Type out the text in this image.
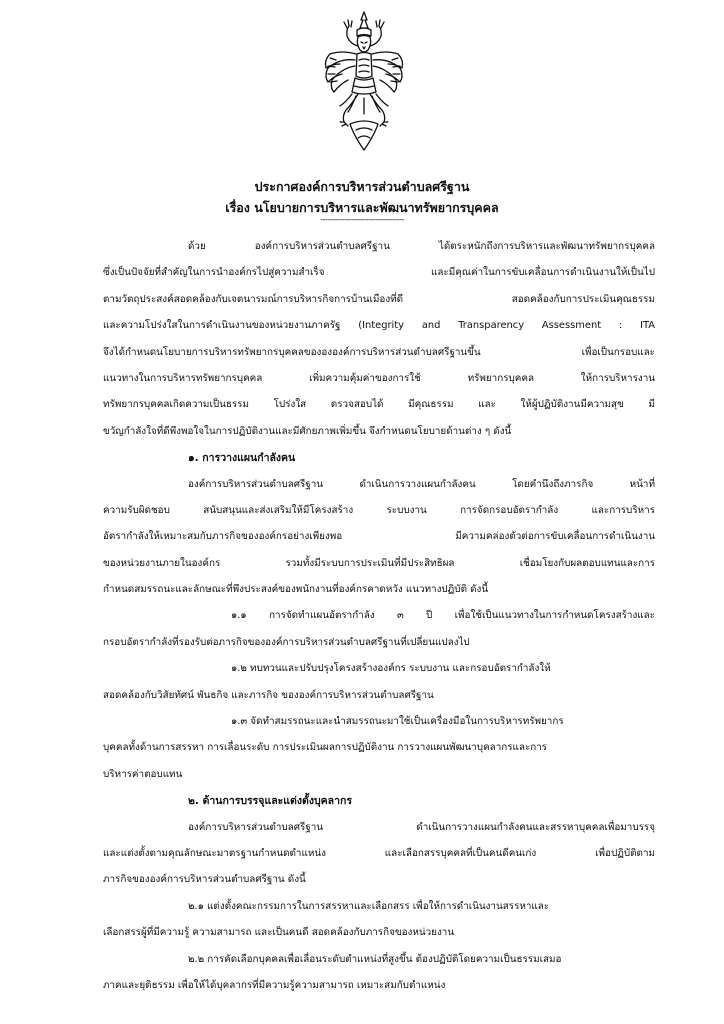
ประกาศองค์การบริหารส่วนตำบลศรีฐาน
เรื่อง นโยบายการบริหารและพัฒนาทรัพยากรบุคคล
-----------------------------------
ด้วย องค์การบริหารส่วนตำบลศรีฐาน ได้ตระหนักถึงการบริหารและพัฒนาทรัพยากรบุคคล
ซึ่งเป็นปัจจัยที่สำคัญในการนำองค์กรไปสู่ความสำเร็จ และมีคุณค่าในการขับเคลื่อนการดำเนินงานให้เป็นไป
ตามวัตถุประสงค์สอดคล้องกับเจตนารมณ์การบริหารกิจการบ้านเมืองที่ดี สอดคล้องกับการประเมินคุณธรรม
และความโปร่งใสในการดำเนินงานของหน่วยงานภาครัฐ (Integrity and Transparency Assessment : ITA
จึงได้กำหนดนโยบายการบริหารทรัพยากรบุคคลของององค์การบริหารส่วนตำบลศรีฐานขึ้น เพื่อเป็นกรอบและ
แนวทางในการบริหารทรัพยากรบุคคล เพิ่มความคุ้มค่าของการใช้ ทรัพยากรบุคคล ให้การบริหารงาน
ทรัพยากรบุคคลเกิดความเป็นธรรม โปร่งใส ตรวจสอบได้ มีคุณธรรม และ ให้ผู้ปฏิบัติงานมีความสุข มี
ขวัญกำลังใจที่ดีพึงพอใจในการปฏิบัติงานและมีศักยภาพเพิ่มขึ้น จึงกำหนดนโยบายด้านต่าง ๆ ดังนี้
๑. การวางแผนกำลังคน
องค์การบริหารส่วนตำบลศรีฐาน ดำเนินการวางแผนกำลังคน โดยคำนึงถึงภารกิจ หน้าที่
ความรับผิดชอบ สนับสนุนและส่งเสริมให้มีโครงสร้าง ระบบงาน การจัดกรอบอัตรากำลัง และการบริหาร
อัตรากำลังให้เหมาะสมกับภารกิจขององค์กรอย่างเพียงพอ มีความคล่องตัวต่อการขับเคลื่อนการดำเนินงาน
ของหน่วยงานภายในองค์กร รวมทั้งมีระบบการประเมินที่มีประสิทธิผล เชื่อมโยงกับผลตอบแทนและการ
กำหนดสมรรถนะและลักษณะที่พึงประสงค์ของพนักงานที่องค์กรคาดหวัง แนวทางปฏิบัติ ดังนี้
๑.๑ การจัดทำแผนอัตรากำลัง ๓ ปี เพื่อใช้เป็นแนวทางในการกำหนดโครงสร้างและ
กรอบอัตรากำลังที่รองรับต่อภารกิจขององค์การบริหารส่วนตำบลศรีฐานที่เปลี่ยนแปลงไป
๑.๒ ทบทวนและปรับปรุงโครงสร้างองค์กร ระบบงาน และกรอบอัตรากำลังให้
สอดคล้องกับวิสัยทัศน์ พันธกิจ และภารกิจ ขององค์การบริหารส่วนตำบลศรีฐาน
๑.๓ จัดทำสมรรถนะและนำสมรรถนะมาใช้เป็นเครื่องมือในการบริหารทรัพยากร
บุคคลทั้งด้านการสรรหา การเลื่อนระดับ การประเมินผลการปฏิบัติงาน การวางแผนพัฒนาบุคลากรและการ
บริหารค่าตอบแทน
๒. ด้านการบรรจุและแต่งตั้งบุคลากร
องค์การบริหารส่วนตำบลศรีฐาน ดำเนินการวางแผนกำลังคนและสรรหาบุคคลเพื่อมาบรรจุ
และแต่งตั้งตามคุณลักษณะมาตรฐานกำหนดตำแหน่ง และเลือกสรรบุคคลที่เป็นคนดีคนเก่ง เพื่อปฏิบัติตาม
ภารกิจขององค์การบริหารส่วนตำบลศรีฐาน ดังนี้
๒.๑ แต่งตั้งคณะกรรมการในการสรรหาและเลือกสรร เพื่อให้การดำเนินงานสรรหาและ
เลือกสรรผู้ที่มีความรู้ ความสามารถ และเป็นคนดี สอดคล้องกับภารกิจของหน่วยงาน
๒.๒ การคัดเลือกบุคคลเพื่อเลื่อนระดับตำแหน่งที่สูงขึ้น ต้องปฏิบัติโดยความเป็นธรรมเสมอ
ภาคและยุติธรรม เพื่อให้ได้บุคลากรที่มีความรู้ความสามารถ เหมาะสมกับตำแหน่ง
